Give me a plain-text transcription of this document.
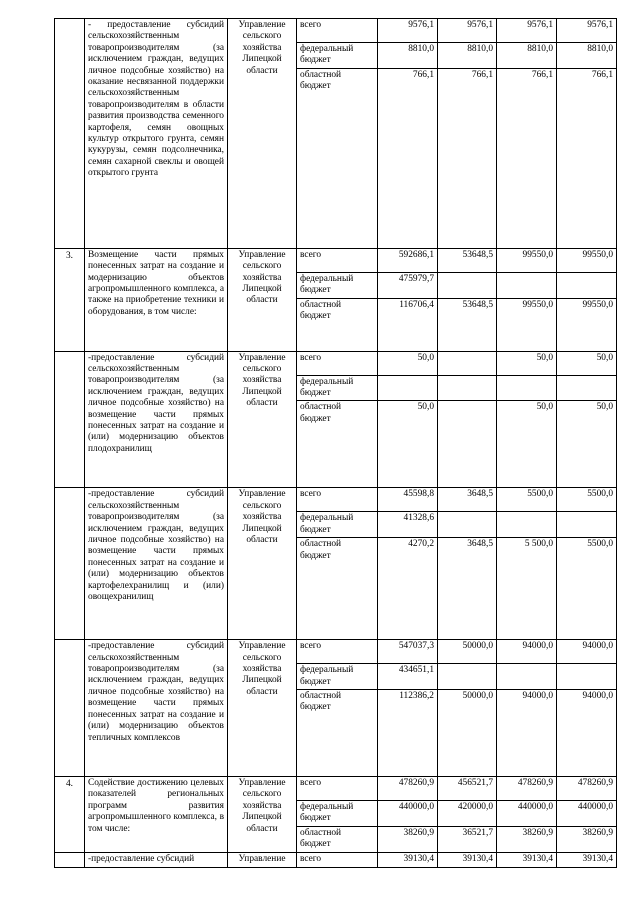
	- предоставление субсидий сельскохозяйственным товаропроизводителям (за исключением граждан, ведущих личное подсобные хозяйство) на оказание несвязанной поддержки сельскохозяйственным товаропроизводителям в области развития производства семенного картофеля, семян овощных культур открытого грунта, семян кукурузы, семян подсолнечника, семян сахарной свеклы и овощей открытого грунта	Управление сельского хозяйства Липецкой области	всего	9576,1	9576,1	9576,1	9576,1
			федеральный бюджет	8810,0	8810,0	8810,0	8810,0
			областной бюджет	766,1	766,1	766,1	766,1
3.	Возмещение части прямых понесенных затрат на создание и модернизацию объектов агропромышленного комплекса, а также на приобретение техники и оборудования, в том числе:	Управление сельского хозяйства Липецкой области	всего	592686,1	53648,5	99550,0	99550,0
			федеральный бюджет	475979,7			
			областной бюджет	116706,4	53648,5	99550,0	99550,0
	-предоставление субсидий сельскохозяйственным товаропроизводителям (за исключением граждан, ведущих личное подсобные хозяйство) на возмещение части прямых понесенных затрат на создание и (или) модернизацию объектов плодохранилищ	Управление сельского хозяйства Липецкой области	всего	50,0		50,0	50,0
			федеральный бюджет				
			областной бюджет	50,0		50,0	50,0
	-предоставление субсидий сельскохозяйственным товаропроизводителям (за исключением граждан, ведущих личное подсобные хозяйство) на возмещение части прямых понесенных затрат на создание и (или) модернизацию объектов картофелехранилищ и (или) овощехранилищ	Управление сельского хозяйства Липецкой области	всего	45598,8	3648,5	5500,0	5500,0
			федеральный бюджет	41328,6			
			областной бюджет	4270,2	3648,5	5 500,0	5500,0
	-предоставление субсидий сельскохозяйственным товаропроизводителям (за исключением граждан, ведущих личное подсобные хозяйство) на возмещение части прямых понесенных затрат на создание и (или) модернизацию объектов тепличных комплексов	Управление сельского хозяйства Липецкой области	всего	547037,3	50000,0	94000,0	94000,0
			федеральный бюджет	434651,1			
			областной бюджет	112386,2	50000,0	94000,0	94000,0
4.	Содействие достижению целевых показателей региональных программ развития агропромышленного комплекса, в том числе:	Управление сельского хозяйства Липецкой области	всего	478260,9	456521,7	478260,9	478260,9
			федеральный бюджет	440000,0	420000,0	440000,0	440000,0
			областной бюджет	38260,9	36521,7	38260,9	38260,9
	-предоставление субсидий	Управление	всего	39130,4	39130,4	39130,4	39130,4
